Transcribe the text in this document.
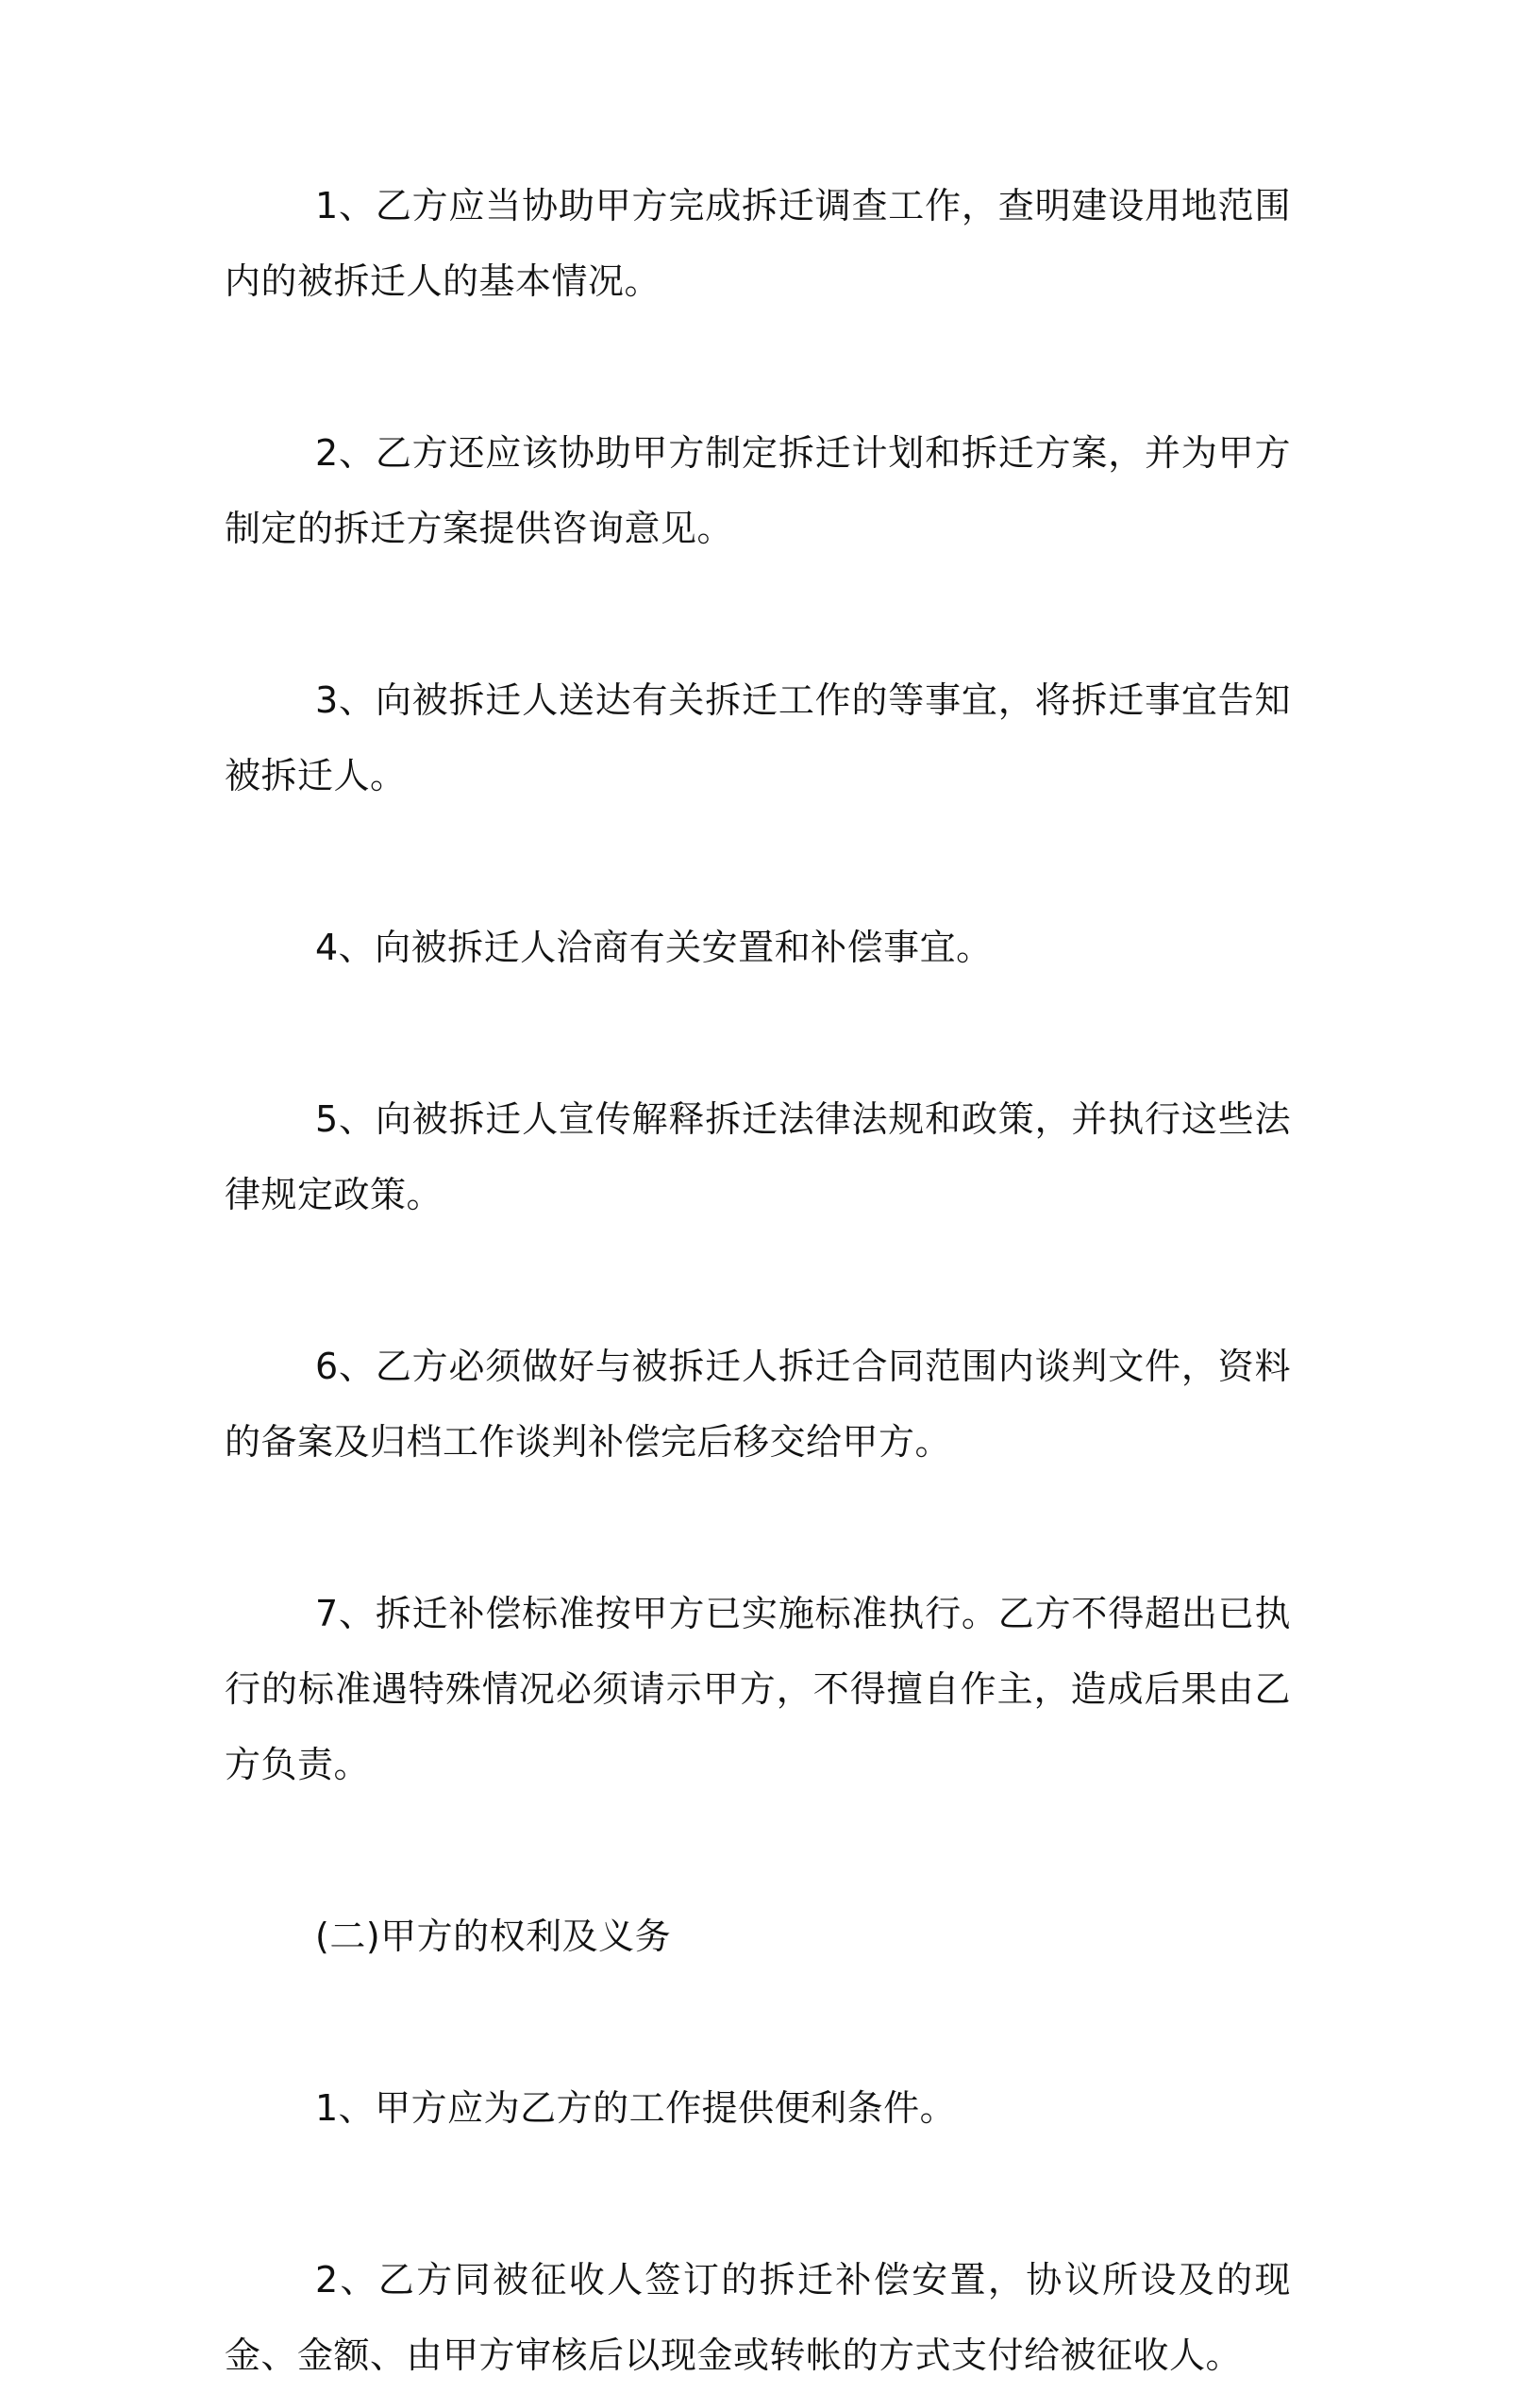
1、乙方应当协助甲方完成拆迁调查工作，查明建设用地范围内的被拆迁人的基本情况。

2、乙方还应该协助甲方制定拆迁计划和拆迁方案，并为甲方制定的拆迁方案提供咨询意见。

3、向被拆迁人送达有关拆迁工作的等事宜，将拆迁事宜告知被拆迁人。

4、向被拆迁人洽商有关安置和补偿事宜。

5、向被拆迁人宣传解释拆迁法律法规和政策，并执行这些法律规定政策。

6、乙方必须做好与被拆迁人拆迁合同范围内谈判文件，资料的备案及归档工作谈判补偿完后移交给甲方。

7、拆迁补偿标准按甲方已实施标准执行。乙方不得超出已执行的标准遇特殊情况必须请示甲方，不得擅自作主，造成后果由乙方负责。

(二)甲方的权利及义务

1、甲方应为乙方的工作提供便利条件。

2、乙方同被征收人签订的拆迁补偿安置，协议所设及的现金、金额、由甲方审核后以现金或转帐的方式支付给被征收人。
